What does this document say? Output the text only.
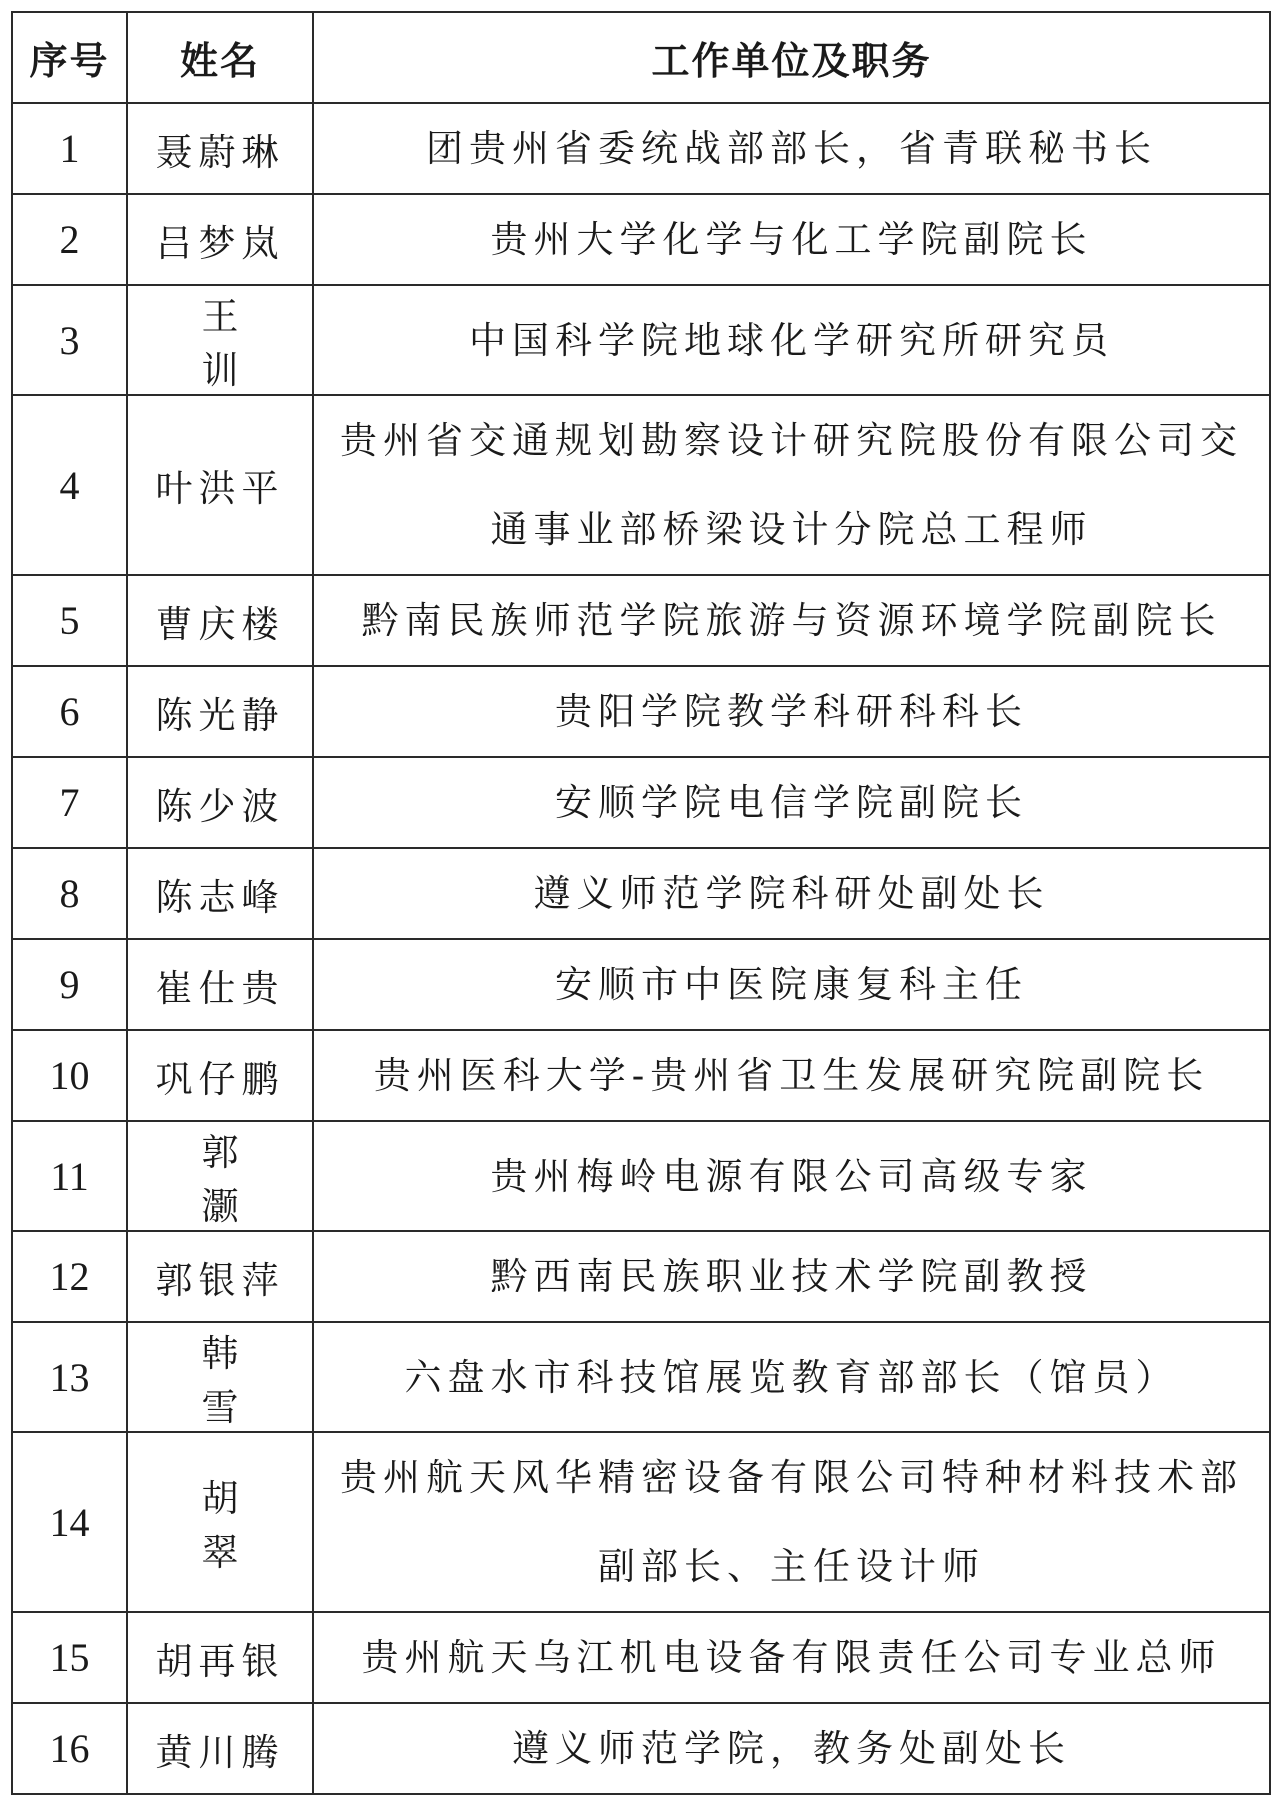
序号	姓名	工作单位及职务
1	聂蔚琳	团贵州省委统战部部长，省青联秘书长
2	吕梦岚	贵州大学化学与化工学院副院长
3	王训	中国科学院地球化学研究所研究员
4	叶洪平	贵州省交通规划勘察设计研究院股份有限公司交通事业部桥梁设计分院总工程师
5	曹庆楼	黔南民族师范学院旅游与资源环境学院副院长
6	陈光静	贵阳学院教学科研科科长
7	陈少波	安顺学院电信学院副院长
8	陈志峰	遵义师范学院科研处副处长
9	崔仕贵	安顺市中医院康复科主任
10	巩仔鹏	贵州医科大学-贵州省卫生发展研究院副院长
11	郭灏	贵州梅岭电源有限公司高级专家
12	郭银萍	黔西南民族职业技术学院副教授
13	韩雪	六盘水市科技馆展览教育部部长（馆员）
14	胡翠	贵州航天风华精密设备有限公司特种材料技术部副部长、主任设计师
15	胡再银	贵州航天乌江机电设备有限责任公司专业总师
16	黄川腾	遵义师范学院，教务处副处长
